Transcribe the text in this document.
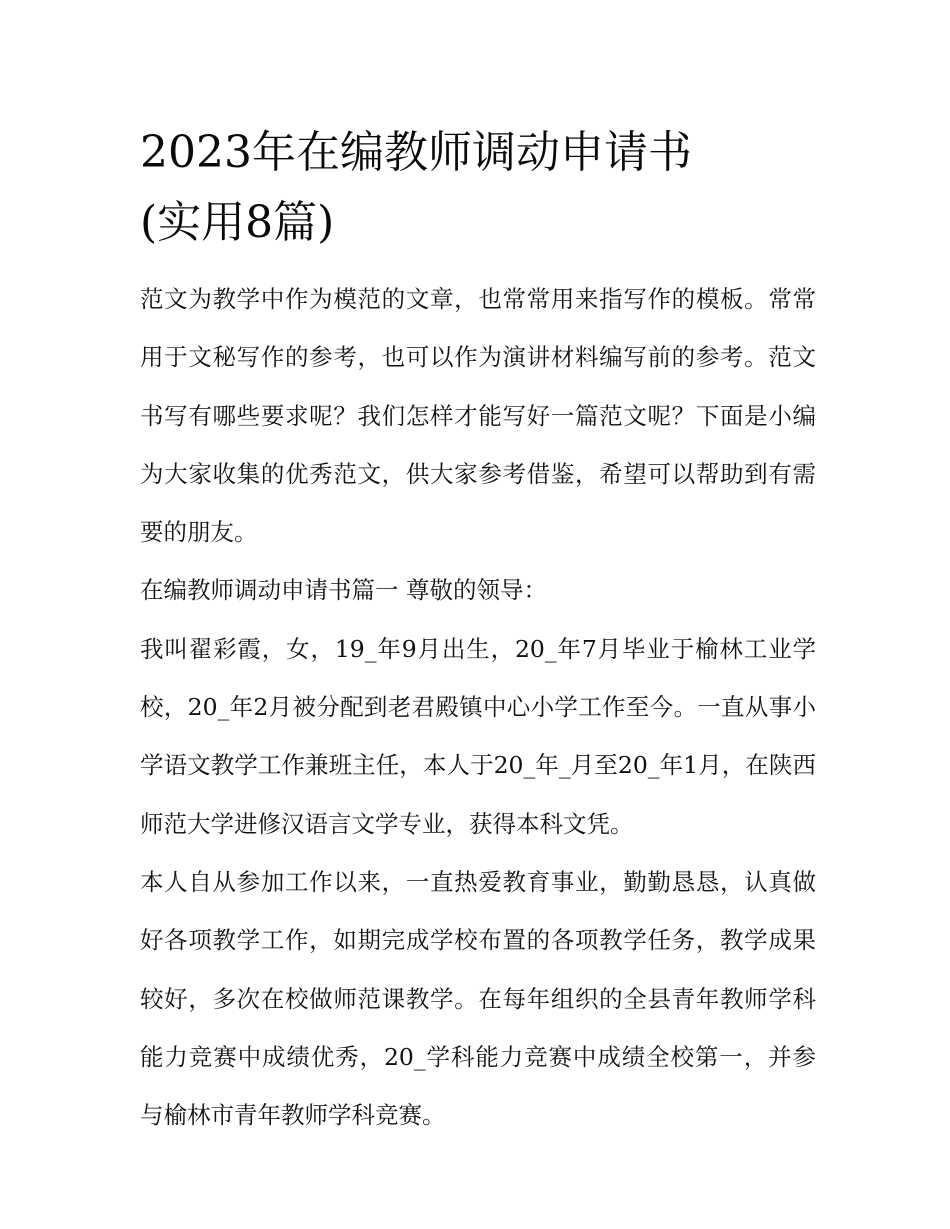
2023年在编教师调动申请书
(实用8篇)

范文为教学中作为模范的文章，也常常用来指写作的模板。常常用于文秘写作的参考，也可以作为演讲材料编写前的参考。范文书写有哪些要求呢？我们怎样才能写好一篇范文呢？下面是小编为大家收集的优秀范文，供大家参考借鉴，希望可以帮助到有需要的朋友。

在编教师调动申请书篇一 尊敬的领导：

我叫翟彩霞，女，19_年9月出生，20_年7月毕业于榆林工业学校，20_年2月被分配到老君殿镇中心小学工作至今。一直从事小学语文教学工作兼班主任，本人于20_年_月至20_年1月，在陕西师范大学进修汉语言文学专业，获得本科文凭。

本人自从参加工作以来，一直热爱教育事业，勤勤恳恳，认真做好各项教学工作，如期完成学校布置的各项教学任务，教学成果较好，多次在校做师范课教学。在每年组织的全县青年教师学科能力竞赛中成绩优秀，20_学科能力竞赛中成绩全校第一，并参与榆林市青年教师学科竞赛。
